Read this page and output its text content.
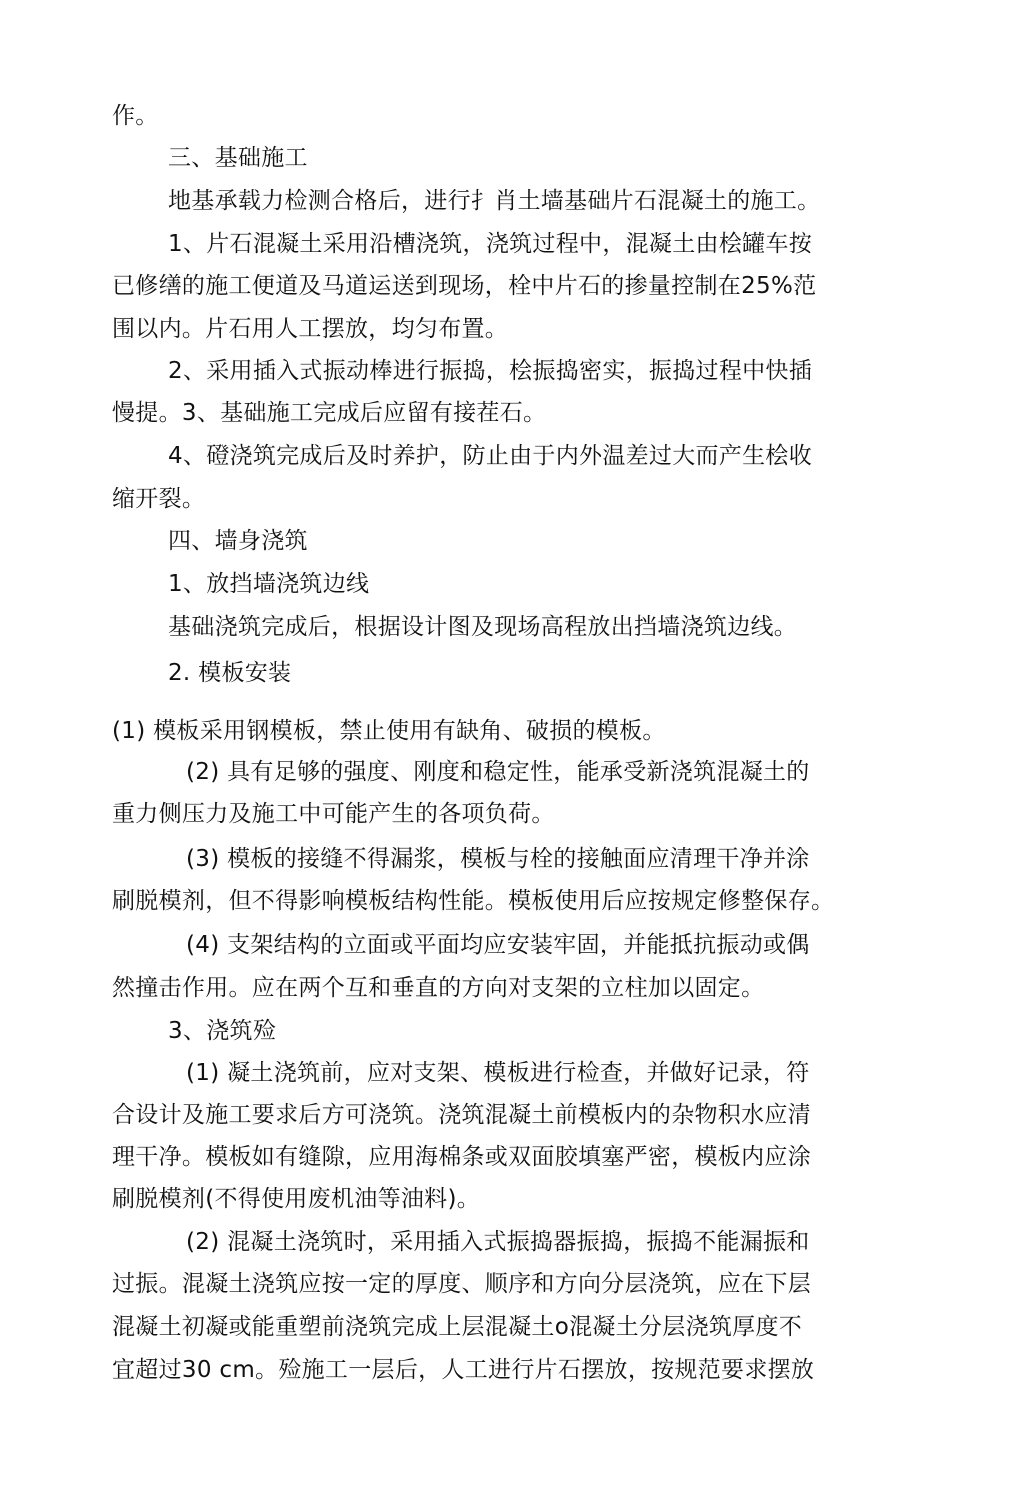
作。
三、基础施工
地基承载力检测合格后，进行扌肖土墙基础片石混凝土的施工。
1、片石混凝土采用沿槽浇筑，浇筑过程中，混凝土由桧罐车按
已修缮的施工便道及马道运送到现场，栓中片石的掺量控制在25%范
围以内。片石用人工摆放，均匀布置。
2、采用插入式振动棒进行振捣，桧振捣密实，振捣过程中快插
慢提。3、基础施工完成后应留有接茬石。
4、磴浇筑完成后及时养护，防止由于内外温差过大而产生桧收
缩开裂。
四、墙身浇筑
1、放挡墙浇筑边线
基础浇筑完成后，根据设计图及现场高程放出挡墙浇筑边线。
2. 模板安装
(1) 模板采用钢模板，禁止使用有缺角、破损的模板。
(2) 具有足够的强度、刚度和稳定性，能承受新浇筑混凝土的
重力侧压力及施工中可能产生的各项负荷。
(3) 模板的接缝不得漏浆，模板与栓的接触面应清理干净并涂
刷脱模剂，但不得影响模板结构性能。模板使用后应按规定修整保存。
(4) 支架结构的立面或平面均应安装牢固，并能抵抗振动或偶
然撞击作用。应在两个互和垂直的方向对支架的立柱加以固定。
3、浇筑殓
(1) 凝土浇筑前，应对支架、模板进行检查，并做好记录，符
合设计及施工要求后方可浇筑。浇筑混凝土前模板内的杂物积水应清
理干净。模板如有缝隙，应用海棉条或双面胶填塞严密，模板内应涂
刷脱模剂(不得使用废机油等油料)。
(2) 混凝土浇筑时，采用插入式振捣器振捣，振捣不能漏振和
过振。混凝土浇筑应按一定的厚度、顺序和方向分层浇筑，应在下层
混凝土初凝或能重塑前浇筑完成上层混凝土o混凝土分层浇筑厚度不
宜超过30 cm。殓施工一层后，人工进行片石摆放，按规范要求摆放
